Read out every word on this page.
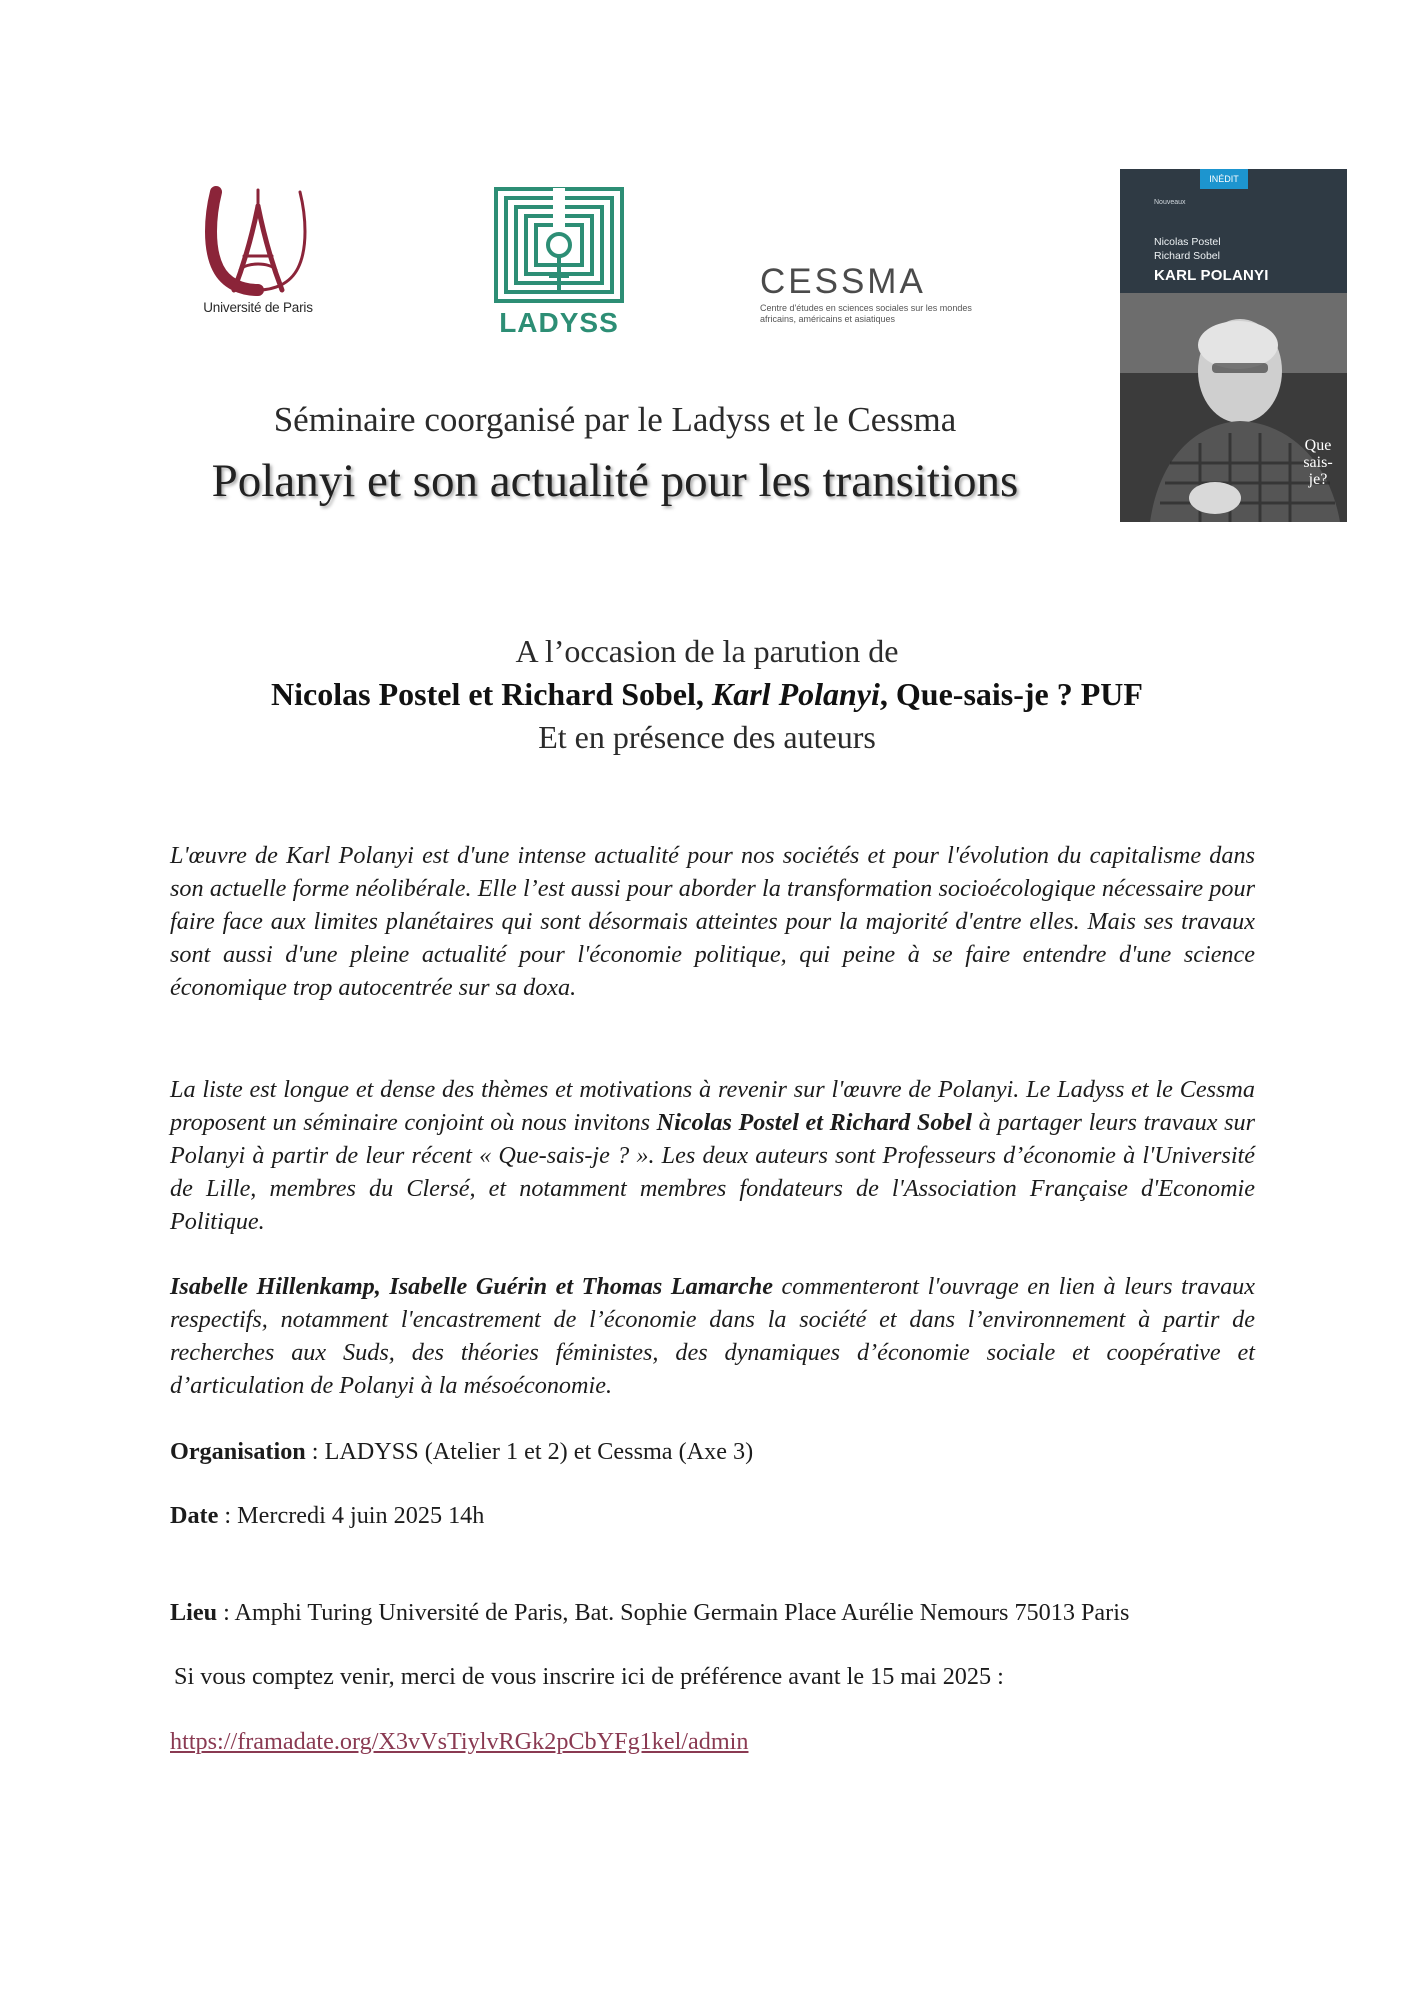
Université de Paris	LADYSS
CESSMA
Centre d'études en sciences sociales sur les mondes africains, américains et asiatiques
INÉDIT
Nouveaux
Nicolas Postel
Richard Sobel
KARL POLANYI
Que
sais-je?
Séminaire coorganisé par le Ladyss et le Cessma
Polanyi et son actualité pour les transitions
A l’occasion de la parution de
Nicolas Postel et Richard Sobel, Karl Polanyi, Que-sais-je ? PUF
Et en présence des auteurs
L'œuvre de Karl Polanyi est d'une intense actualité pour nos sociétés et pour l'évolution du capitalisme dans son actuelle forme néolibérale. Elle l’est aussi pour aborder la transformation socioécologique nécessaire pour faire face aux limites planétaires qui sont désormais atteintes pour la majorité d'entre elles. Mais ses travaux sont aussi d'une pleine actualité pour l'économie politique, qui peine à se faire entendre d'une science économique trop autocentrée sur sa doxa.
La liste est longue et dense des thèmes et motivations à revenir sur l'œuvre de Polanyi. Le Ladyss et le Cessma proposent un séminaire conjoint où nous invitons Nicolas Postel et Richard Sobel à partager leurs travaux sur Polanyi à partir de leur récent « Que-sais-je ? ». Les deux auteurs sont Professeurs d’économie à l'Université de Lille, membres du Clersé, et notamment membres fondateurs de l'Association Française d'Economie Politique.
Isabelle Hillenkamp, Isabelle Guérin et Thomas Lamarche commenteront l'ouvrage en lien à leurs travaux respectifs, notamment l'encastrement de l’économie dans la société et dans l’environnement à partir de recherches aux Suds, des théories féministes, des dynamiques d’économie sociale et coopérative et d’articulation de Polanyi à la mésoéconomie.
Organisation : LADYSS (Atelier 1 et 2) et Cessma (Axe 3)
Date : Mercredi 4 juin 2025 14h
Lieu : Amphi Turing Université de Paris, Bat. Sophie Germain Place Aurélie Nemours 75013 Paris
Si vous comptez venir, merci de vous inscrire ici de préférence avant le 15 mai 2025 :
https://framadate.org/X3vVsTiylvRGk2pCbYFg1kel/admin
